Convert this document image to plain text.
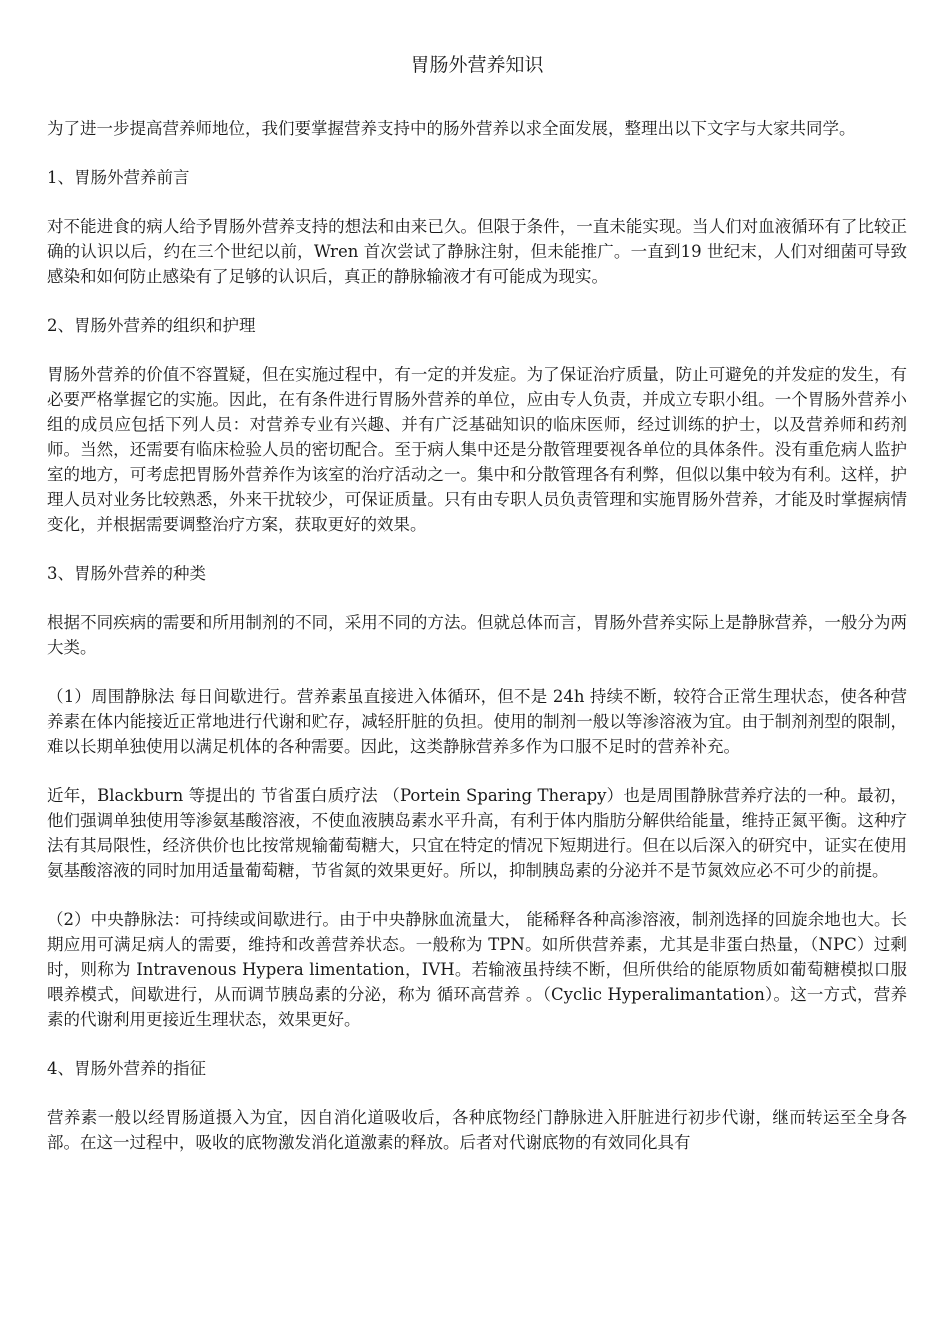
胃肠外营养知识

为了进一步提高营养师地位，我们要掌握营养支持中的肠外营养以求全面发展，整理出以下文字与大家共同学。

1、胃肠外营养前言

对不能进食的病人给予胃肠外营养支持的想法和由来已久。但限于条件，一直未能实现。当人们对血液循环有了比较正确的认识以后，约在三个世纪以前，Wren 首次尝试了静脉注射，但未能推广。一直到19 世纪末，人们对细菌可导致感染和如何防止感染有了足够的认识后，真正的静脉输液才有可能成为现实。

2、胃肠外营养的组织和护理

胃肠外营养的价值不容置疑，但在实施过程中，有一定的并发症。为了保证治疗质量，防止可避免的并发症的发生，有必要严格掌握它的实施。因此，在有条件进行胃肠外营养的单位，应由专人负责，并成立专职小组。一个胃肠外营养小组的成员应包括下列人员：对营养专业有兴趣、并有广泛基础知识的临床医师，经过训练的护士，以及营养师和药剂师。当然，还需要有临床检验人员的密切配合。至于病人集中还是分散管理要视各单位的具体条件。没有重危病人监护室的地方，可考虑把胃肠外营养作为该室的治疗活动之一。集中和分散管理各有利弊，但似以集中较为有利。这样，护理人员对业务比较熟悉，外来干扰较少，可保证质量。只有由专职人员负责管理和实施胃肠外营养，才能及时掌握病情变化，并根据需要调整治疗方案，获取更好的效果。

3、胃肠外营养的种类

根据不同疾病的需要和所用制剂的不同，采用不同的方法。但就总体而言，胃肠外营养实际上是静脉营养，一般分为两大类。

（1）周围静脉法 每日间歇进行。营养素虽直接进入体循环，但不是 24h 持续不断，较符合正常生理状态，使各种营养素在体内能接近正常地进行代谢和贮存，减轻肝脏的负担。使用的制剂一般以等渗溶液为宜。由于制剂剂型的限制，难以长期单独使用以满足机体的各种需要。因此，这类静脉营养多作为口服不足时的营养补充。

近年，Blackburn 等提出的 节省蛋白质疗法 （Portein Sparing Therapy）也是周围静脉营养疗法的一种。最初，他们强调单独使用等渗氨基酸溶液，不使血液胰岛素水平升高，有利于体内脂肪分解供给能量，维持正氮平衡。这种疗法有其局限性，经济供价也比按常规输葡萄糖大，只宜在特定的情况下短期进行。但在以后深入的研究中，证实在使用氨基酸溶液的同时加用适量葡萄糖，节省氮的效果更好。所以，抑制胰岛素的分泌并不是节氮效应必不可少的前提。

（2）中央静脉法：可持续或间歇进行。由于中央静脉血流量大， 能稀释各种高渗溶液，制剂选择的回旋余地也大。长期应用可满足病人的需要，维持和改善营养状态。一般称为 TPN。如所供营养素，尤其是非蛋白热量，（NPC）过剩时，则称为 Intravenous Hypera limentation，IVH。若输液虽持续不断，但所供给的能原物质如葡萄糖模拟口服喂养模式，间歇进行，从而调节胰岛素的分泌，称为 循环高营养 。（Cyclic Hyperalimantation）。这一方式，营养素的代谢利用更接近生理状态，效果更好。

4、胃肠外营养的指征

营养素一般以经胃肠道摄入为宜，因自消化道吸收后，各种底物经门静脉进入肝脏进行初步代谢，继而转运至全身各部。在这一过程中，吸收的底物激发消化道激素的释放。后者对代谢底物的有效同化具有
